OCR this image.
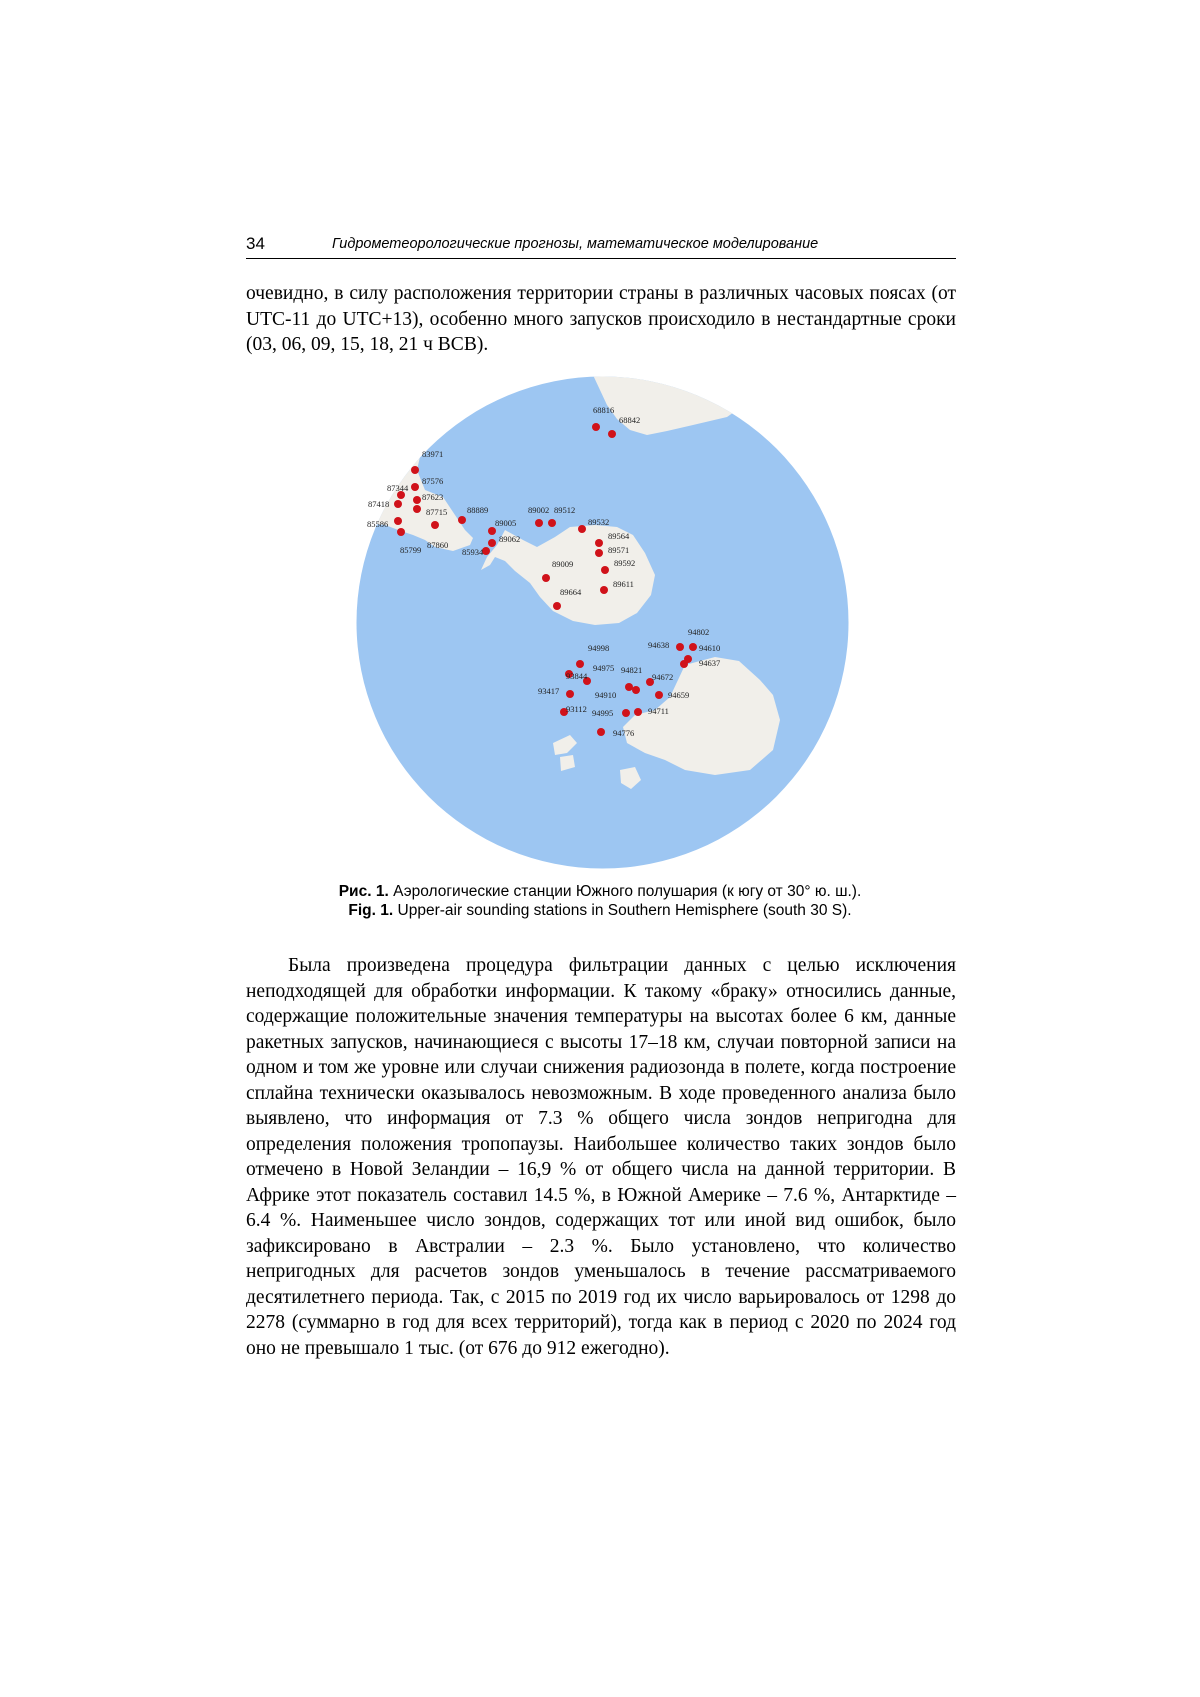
34	Гидрометеорологические прогнозы, математическое моделирование

очевидно, в силу расположения территории страны в различных часовых поясах (от UTC-11 до UTC+13), особенно много запусков происходило в нестандартные сроки (03, 06, 09, 15, 18, 21 ч ВСВ).

68816
68842
83971
87576
87344
87623
87418
87715 88889
85586
87860
85799
89005
89062
85934
89002 89512
89532
89564
89571
89592
89009
89611
89664
94802
94638	94610
94637
94998
94975
93844
94821
94672
93417	94910	94659
93112 94995	94711
94776
Рис. 1. Аэрологические станции Южного полушария (к югу от 30° ю. ш.).
Fig. 1. Upper-air sounding stations in Southern Hemisphere (south 30 S).

Была произведена процедура фильтрации данных с целью исключения неподходящей для обработки информации. К такому «браку» относились данные, содержащие положительные значения температуры на высотах более 6 км, данные ракетных запусков, начинающиеся с высоты 17–18 км, случаи повторной записи на одном и том же уровне или случаи снижения радиозонда в полете, когда построение сплайна технически оказывалось невозможным. В ходе проведенного анализа было выявлено, что информация от 7.3 % общего числа зондов непригодна для определения положения тропопаузы. Наибольшее количество таких зондов было отмечено в Новой Зеландии – 16,9 % от общего числа на данной территории. В Африке этот показатель составил 14.5 %, в Южной Америке – 7.6 %, Антарктиде – 6.4 %. Наименьшее число зондов, содержащих тот или иной вид ошибок, было зафиксировано в Австралии – 2.3 %. Было установлено, что количество непригодных для расчетов зондов уменьшалось в течение рассматриваемого десятилетнего периода. Так, с 2015 по 2019 год их число варьировалось от 1298 до 2278 (суммарно в год для всех территорий), тогда как в период с 2020 по 2024 год оно не превышало 1 тыс. (от 676 до 912 ежегодно).
